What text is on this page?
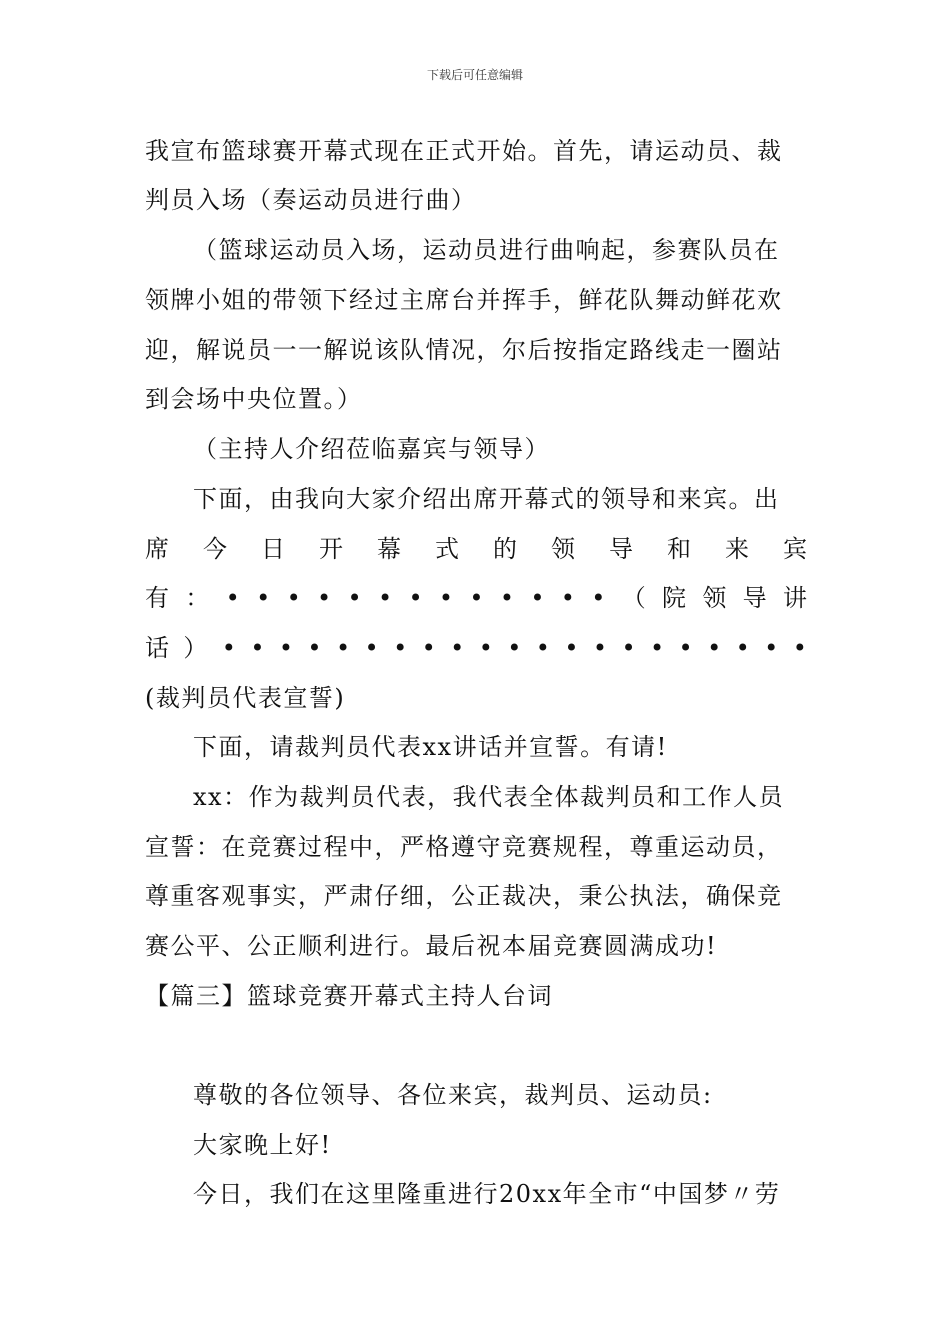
下载后可任意编辑
我宣布篮球赛开幕式现在正式开始。首先，请运动员、裁
判员入场（奏运动员进行曲）
（篮球运动员入场，运动员进行曲响起，参赛队员在
领牌小姐的带领下经过主席台并挥手，鲜花队舞动鲜花欢
迎，解说员一一解说该队情况，尔后按指定路线走一圈站
到会场中央位置。）
（主持人介绍莅临嘉宾与领导）
下面，由我向大家介绍出席开幕式的领导和来宾。出
席 今 日 开 幕 式 的 领 导 和 来 宾
有 ： • • • • • • • • • • • • • （ 院 领 导 讲
话 ） • • • • • • • • • • • • • • • • • • • • •
(裁判员代表宣誓)
下面，请裁判员代表xx讲话并宣誓。有请!
xx：作为裁判员代表，我代表全体裁判员和工作人员
宣誓：在竞赛过程中，严格遵守竞赛规程，尊重运动员，
尊重客观事实，严肃仔细，公正裁决，秉公执法，确保竞
赛公平、公正顺利进行。最后祝本届竞赛圆满成功!
【篇三】篮球竞赛开幕式主持人台词
尊敬的各位领导、各位来宾，裁判员、运动员:
大家晚上好!
今日，我们在这里隆重进行20xx年全市“中国梦〃劳
